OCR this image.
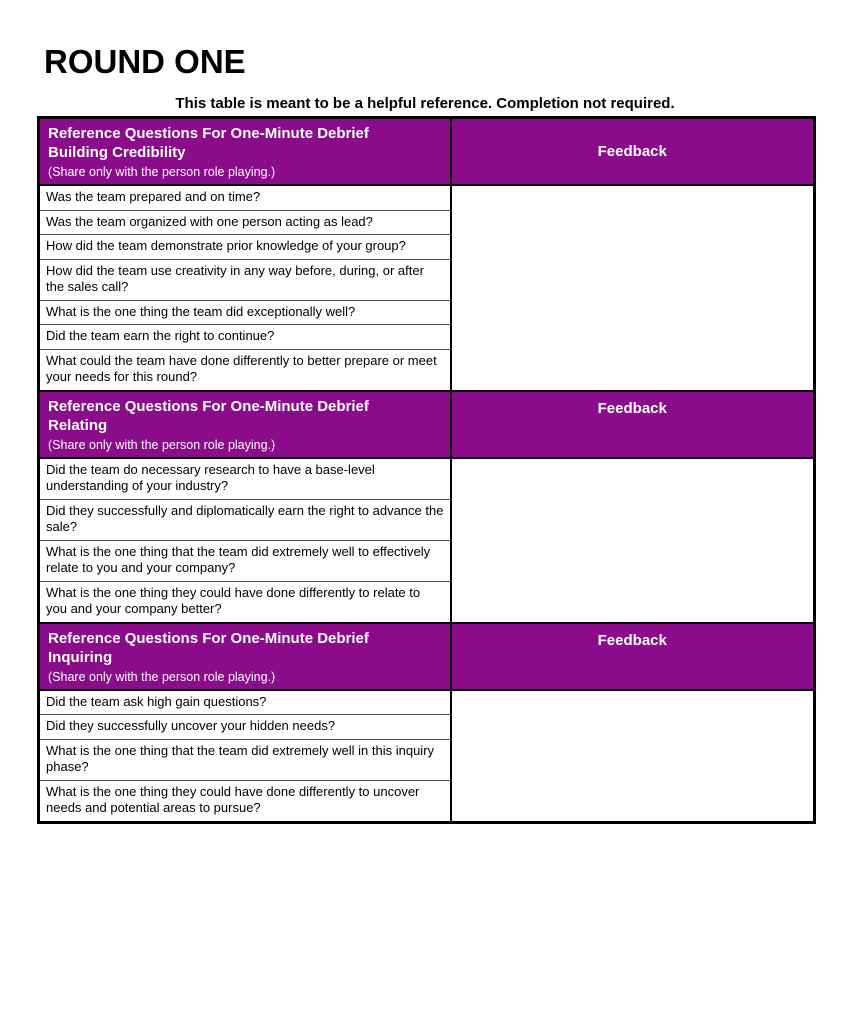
ROUND ONE
This table is meant to be a helpful reference. Completion not required.
Reference Questions For One-Minute Debrief
Building Credibility
(Share only with the person role playing.)	Feedback
Was the team prepared and on time?	
Was the team organized with one person acting as lead?	
How did the team demonstrate prior knowledge of your group?	
How did the team use creativity in any way before, during, or after the sales call?	
What is the one thing the team did exceptionally well?	
Did the team earn the right to continue?	
What could the team have done differently to better prepare or meet your needs for this round?	

Reference Questions For One-Minute Debrief
Relating
(Share only with the person role playing.)	Feedback
Did the team do necessary research to have a base-level understanding of your industry?	
Did they successfully and diplomatically earn the right to advance the sale?	
What is the one thing that the team did extremely well to effectively relate to you and your company?	
What is the one thing they could have done differently to relate to you and your company better?	

Reference Questions For One-Minute Debrief
Inquiring
(Share only with the person role playing.)	Feedback
Did the team ask high gain questions?	
Did they successfully uncover your hidden needs?	
What is the one thing that the team did extremely well in this inquiry phase?	
What is the one thing they could have done differently to uncover needs and potential areas to pursue?	
